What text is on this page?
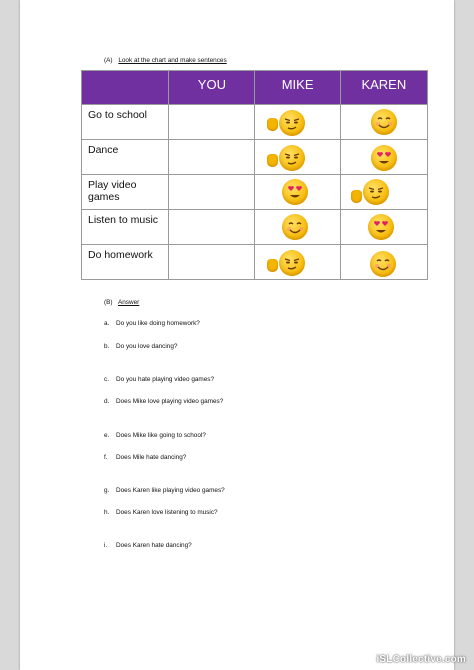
(A) Look at the chart and make sentences
	YOU	MIKE	KAREN
Go to school	

Dance	

Play video games	

Listen to music	

Do homework	

(B) Answer
a. Do you like doing homework?
b. Do you love dancing?
c. Do you hate playing video games?
d. Does Mike love playing video games?
e. Does Mike like going to school?
f. Does Mile hate dancing?
g. Does Karen like playing video games?
h. Does Karen love listening to music?
i. Does Karen hate dancing?
iSLCollective.com
